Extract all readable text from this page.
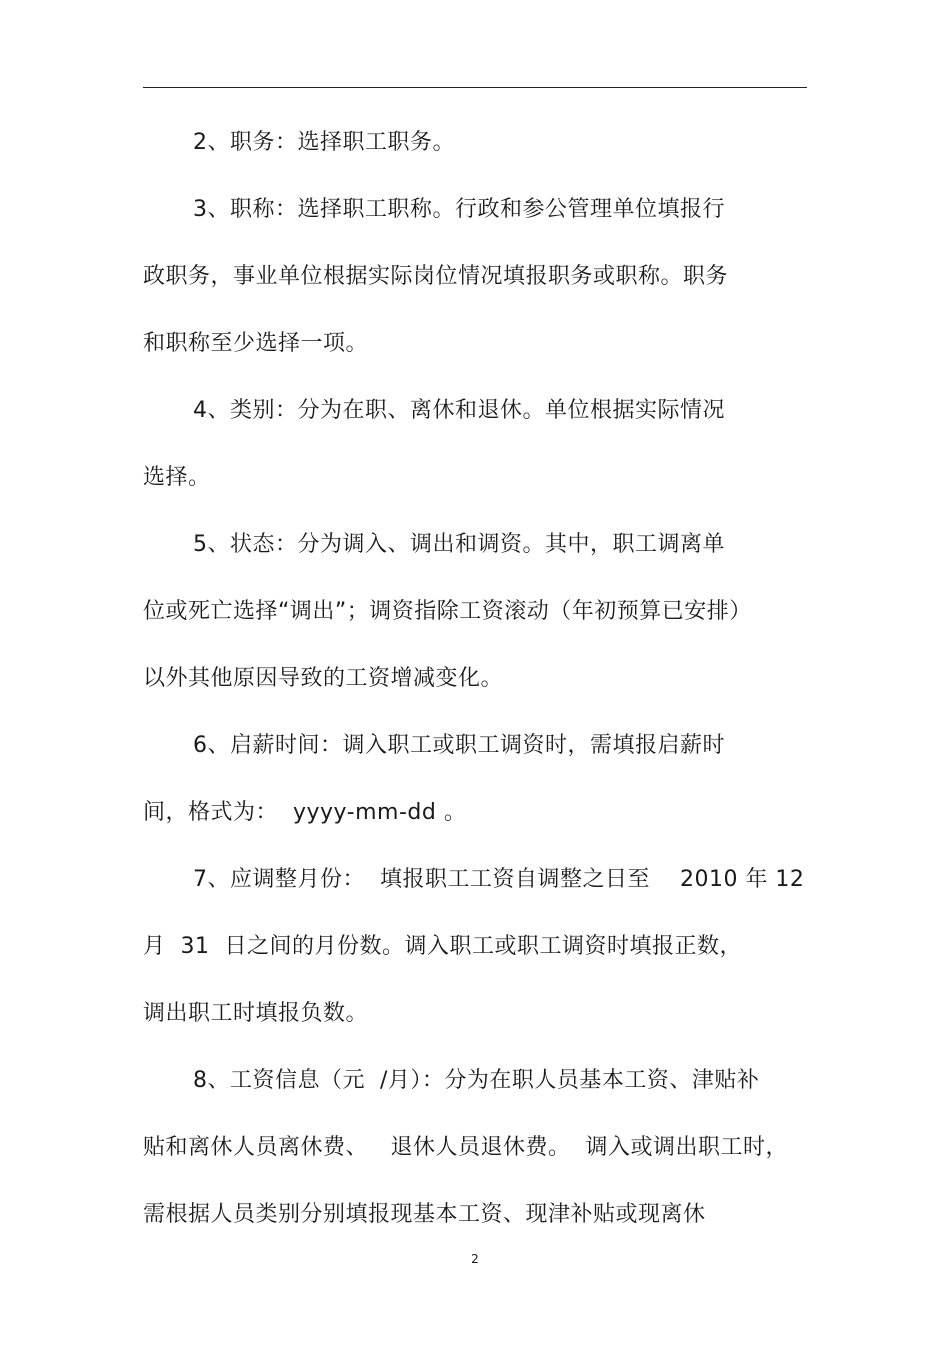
2、职务：选择职工职务。
3、职称：选择职工职称。行政和参公管理单位填报行
政职务，事业单位根据实际岗位情况填报职务或职称。职务
和职称至少选择一项。
4、类别：分为在职、离休和退休。单位根据实际情况
选择。
5、状态：分为调入、调出和调资。其中，职工调离单
位或死亡选择“调出”；调资指除工资滚动（年初预算已安排）
以外其他原因导致的工资增减变化。
6、启薪时间：调入职工或职工调资时，需填报启薪时
间，格式为：  yyyy-mm-dd 。
7、应调整月份：  填报职工工资自调整之日至    2010 年 12
月  31  日之间的月份数。调入职工或职工调资时填报正数，
调出职工时填报负数。
8、工资信息（元  /月）：分为在职人员基本工资、津贴补
贴和离休人员离休费、   退休人员退休费。  调入或调出职工时，
需根据人员类别分别填报现基本工资、现津补贴或现离休
2
